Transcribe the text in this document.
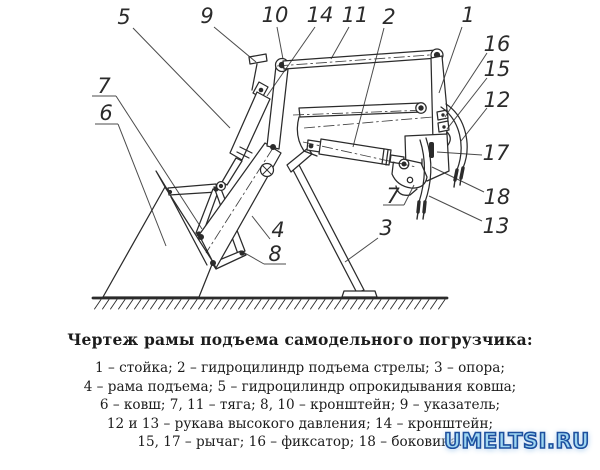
5	9 10 14 11 2	1
16
15
12
17
18
13
7
3
4
8
7
6
Чертеж рамы подъема самодельного погрузчика:
1 – стойка; 2 – гидроцилиндр подъема стрелы; 3 – опора;
4 – рама подъема; 5 – гидроцилиндр опрокидывания ковша;
6 – ковш; 7, 11 – тяга; 8, 10 – кронштейн; 9 – указатель;
12 и 13 – рукава высокого давления; 14 – кронштейн;
15, 17 – рычаг; 16 – фиксатор; 18 – боковина.
UMELTSI.RU
